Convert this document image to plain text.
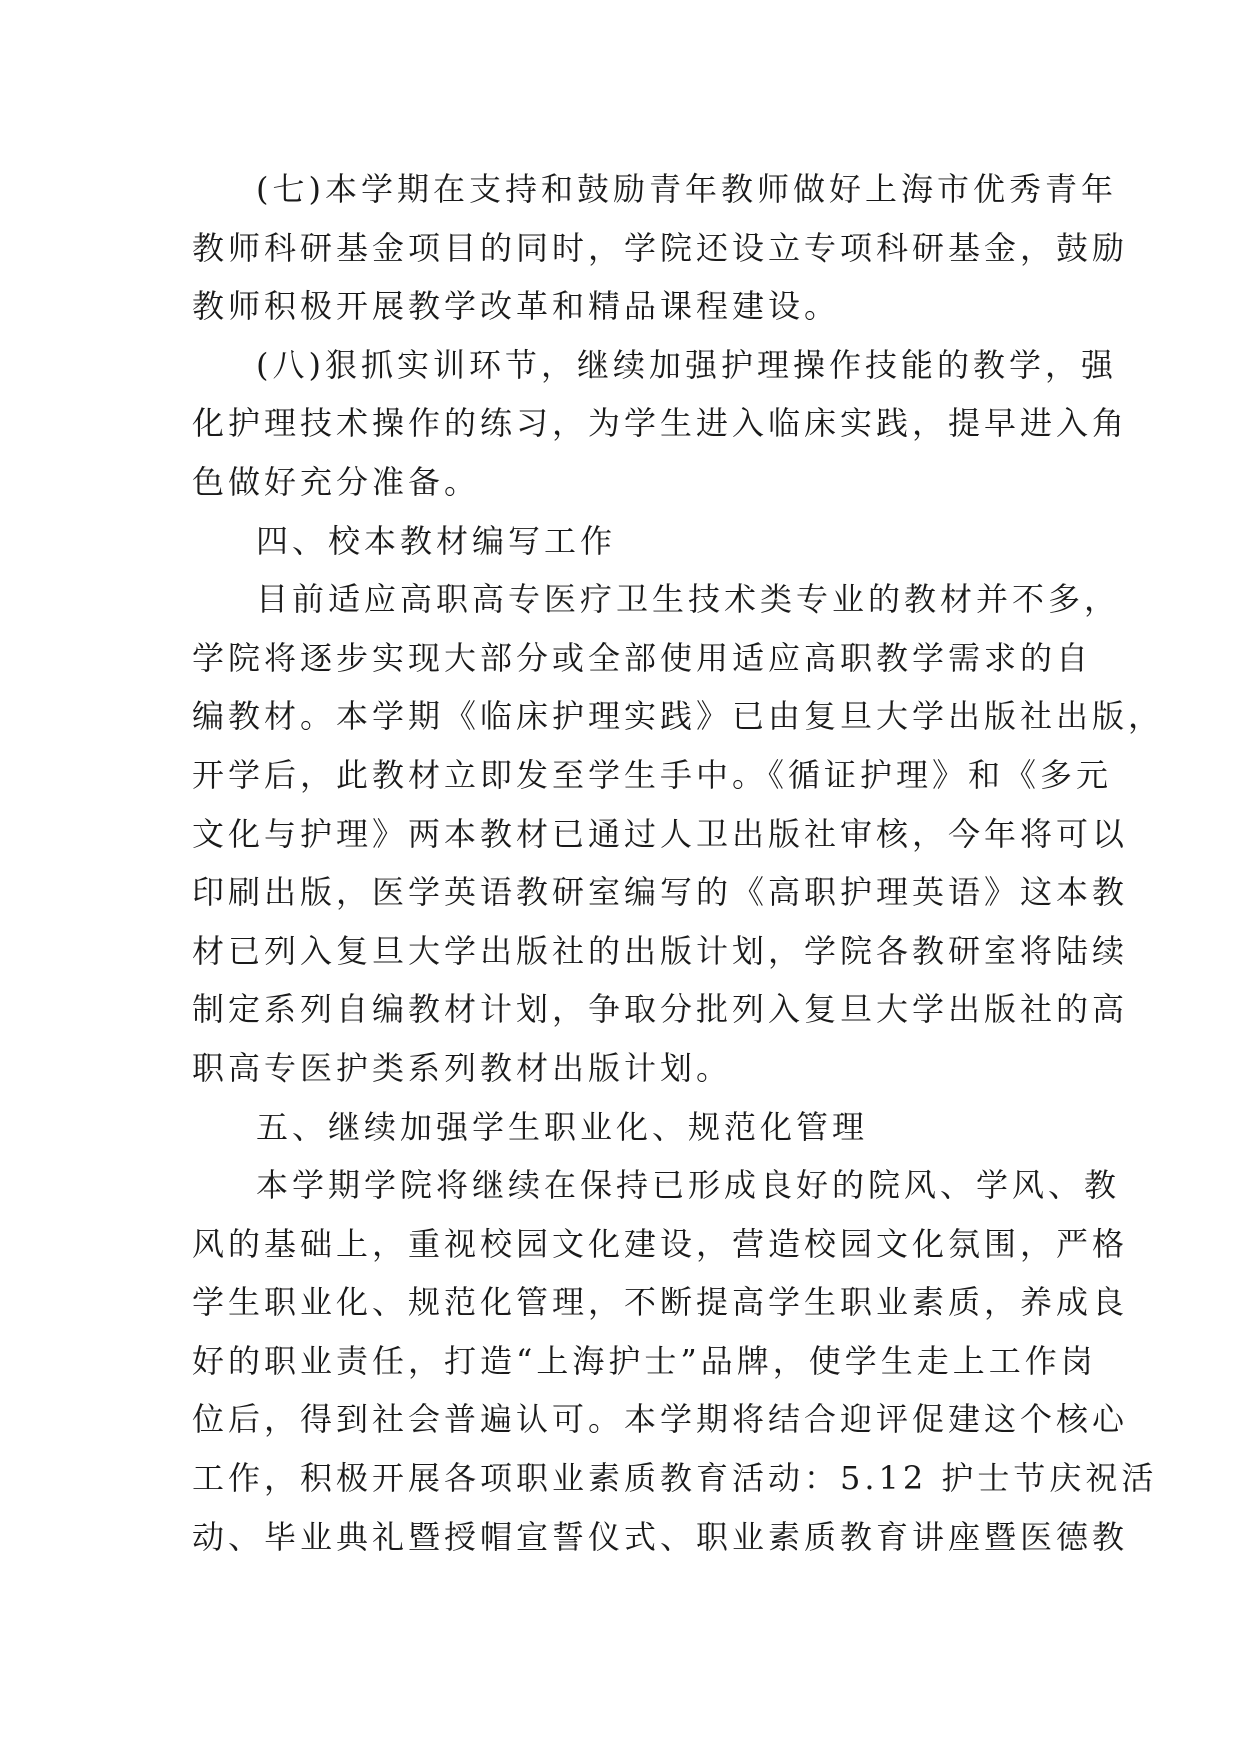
(七)本学期在支持和鼓励青年教师做好上海市优秀青年
教师科研基金项目的同时，学院还设立专项科研基金，鼓励
教师积极开展教学改革和精品课程建设。
(八)狠抓实训环节，继续加强护理操作技能的教学，强
化护理技术操作的练习，为学生进入临床实践，提早进入角
色做好充分准备。
四、校本教材编写工作
目前适应高职高专医疗卫生技术类专业的教材并不多，
学院将逐步实现大部分或全部使用适应高职教学需求的自
编教材。本学期《临床护理实践》已由复旦大学出版社出版，
开学后，此教材立即发至学生手中。《循证护理》和《多元
文化与护理》两本教材已通过人卫出版社审核，今年将可以
印刷出版，医学英语教研室编写的《高职护理英语》这本教
材已列入复旦大学出版社的出版计划，学院各教研室将陆续
制定系列自编教材计划，争取分批列入复旦大学出版社的高
职高专医护类系列教材出版计划。
五、继续加强学生职业化、规范化管理
本学期学院将继续在保持已形成良好的院风、学风、教
风的基础上，重视校园文化建设，营造校园文化氛围，严格
学生职业化、规范化管理，不断提高学生职业素质，养成良
好的职业责任，打造“上海护士”品牌，使学生走上工作岗
位后，得到社会普遍认可。本学期将结合迎评促建这个核心
工作，积极开展各项职业素质教育活动：5.12 护士节庆祝活
动、毕业典礼暨授帽宣誓仪式、职业素质教育讲座暨医德教
